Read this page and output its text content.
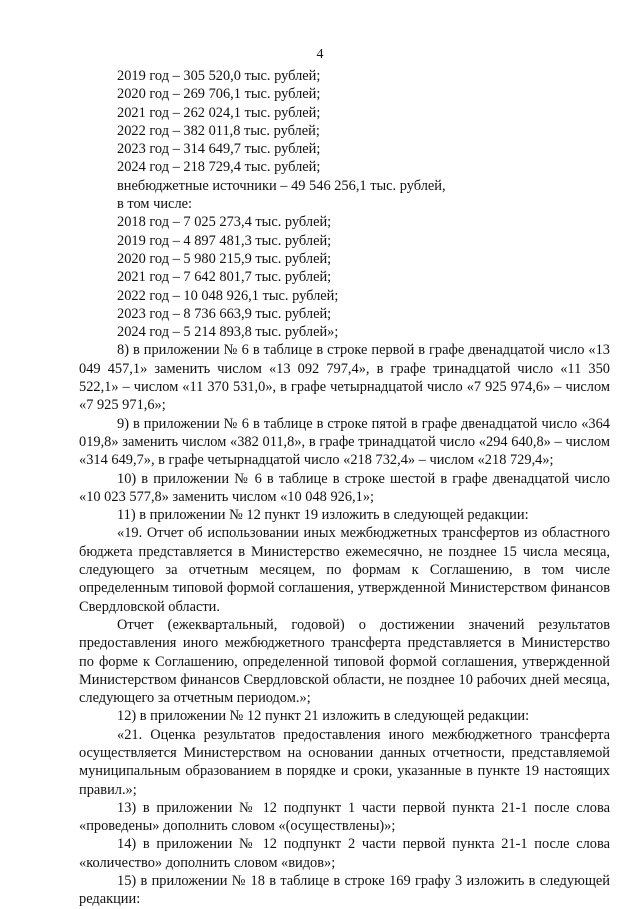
4

2019 год – 305 520,0 тыс. рублей;

2020 год – 269 706,1 тыс. рублей;

2021 год – 262 024,1 тыс. рублей;

2022 год – 382 011,8 тыс. рублей;

2023 год – 314 649,7 тыс. рублей;

2024 год – 218 729,4 тыс. рублей;

внебюджетные источники – 49 546 256,1 тыс. рублей,

в том числе:

2018 год – 7 025 273,4 тыс. рублей;

2019 год – 4 897 481,3 тыс. рублей;

2020 год – 5 980 215,9 тыс. рублей;

2021 год – 7 642 801,7 тыс. рублей;

2022 год – 10 048 926,1 тыс. рублей;

2023 год – 8 736 663,9 тыс. рублей;

2024 год – 5 214 893,8 тыс. рублей»;

8) в приложении № 6 в таблице в строке первой в графе двенадцатой число «13 049 457,1» заменить числом «13 092 797,4», в графе тринадцатой число «11 350 522,1» – числом «11 370 531,0», в графе четырнадцатой число «7 925 974,6» – числом «7 925 971,6»;

9) в приложении № 6 в таблице в строке пятой в графе двенадцатой число «364 019,8» заменить числом «382 011,8», в графе тринадцатой число «294 640,8» – числом «314 649,7», в графе четырнадцатой число «218 732,4» – числом «218 729,4»;

10) в приложении № 6 в таблице в строке шестой в графе двенадцатой число «10 023 577,8» заменить числом «10 048 926,1»;

11) в приложении № 12 пункт 19 изложить в следующей редакции:

«19. Отчет об использовании иных межбюджетных трансфертов из областного бюджета представляется в Министерство ежемесячно, не позднее 15 числа месяца, следующего за отчетным месяцем, по формам к Соглашению, в том числе определенным типовой формой соглашения, утвержденной Министерством финансов Свердловской области.

Отчет (ежеквартальный, годовой) о достижении значений результатов предоставления иного межбюджетного трансферта представляется в Министерство по форме к Соглашению, определенной типовой формой соглашения, утвержденной Министерством финансов Свердловской области, не позднее 10 рабочих дней месяца, следующего за отчетным периодом.»;

12) в приложении № 12 пункт 21 изложить в следующей редакции:

«21. Оценка результатов предоставления иного межбюджетного трансферта осуществляется Министерством на основании данных отчетности, представляемой муниципальным образованием в порядке и сроки, указанные в пункте 19 настоящих правил.»;

13) в приложении № 12 подпункт 1 части первой пункта 21-1 после слова «проведены» дополнить словом «(осуществлены)»;

14) в приложении № 12 подпункт 2 части первой пункта 21-1 после слова «количество» дополнить словом «видов»;

15) в приложении № 18 в таблице в строке 169 графу 3 изложить в следующей редакции:
